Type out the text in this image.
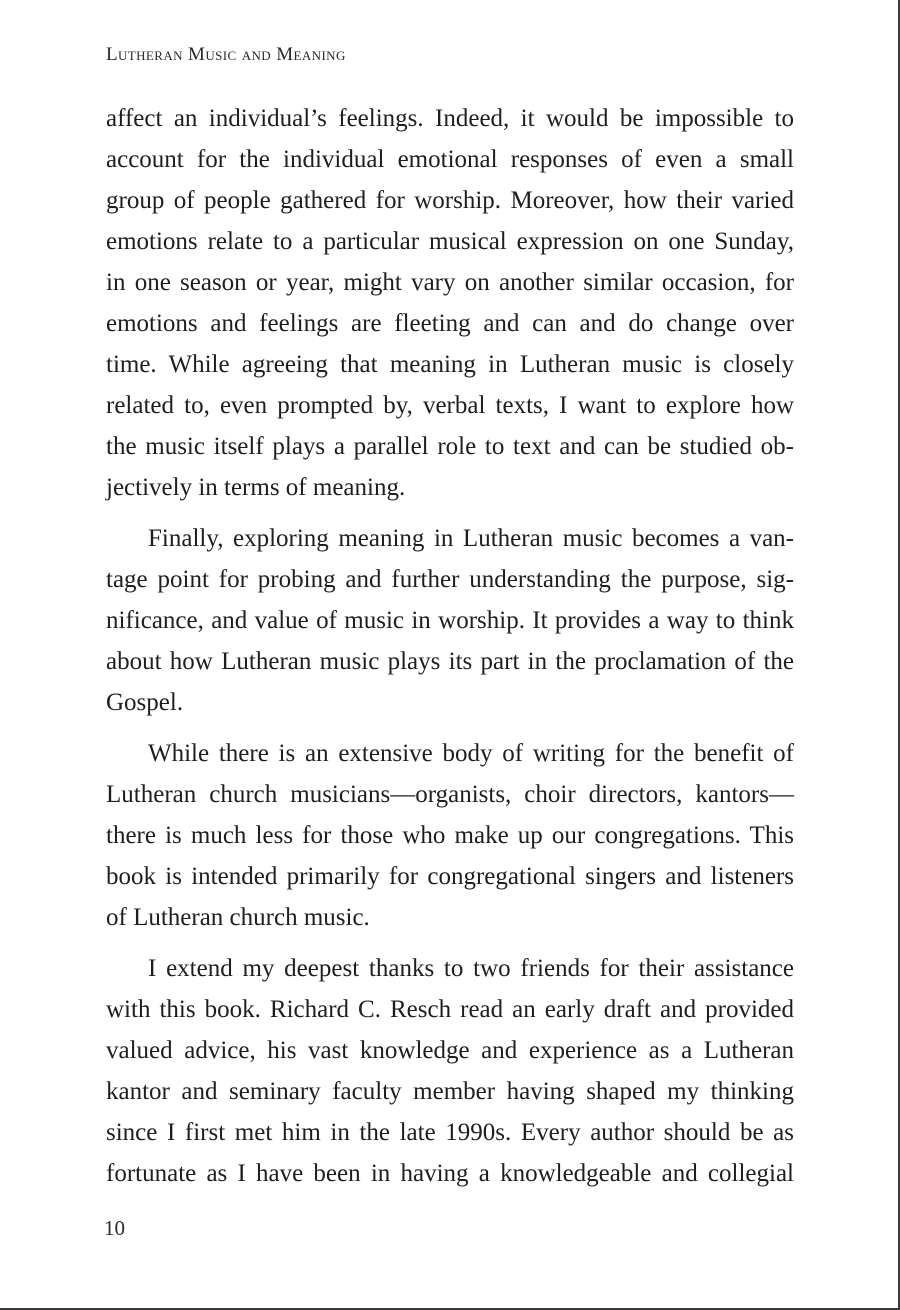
Lutheran Music and Meaning

affect an individual’s feelings. Indeed, it would be impossible to
account for the individual emotional responses of even a small
group of people gathered for worship. Moreover, how their varied
emotions relate to a particular musical expression on one Sunday,
in one season or year, might vary on another similar occasion, for
emotions and feelings are fleeting and can and do change over
time. While agreeing that meaning in Lutheran music is closely
related to, even prompted by, verbal texts, I want to explore how
the music itself plays a parallel role to text and can be studied ob-
jectively in terms of meaning.

Finally, exploring meaning in Lutheran music becomes a van-
tage point for probing and further understanding the purpose, sig-
nificance, and value of music in worship. It provides a way to think
about how Lutheran music plays its part in the proclamation of the
Gospel.

While there is an extensive body of writing for the benefit of
Lutheran church musicians—organists, choir directors, kantors—
there is much less for those who make up our congregations. This
book is intended primarily for congregational singers and listeners
of Lutheran church music.

I extend my deepest thanks to two friends for their assistance
with this book. Richard C. Resch read an early draft and provided
valued advice, his vast knowledge and experience as a Lutheran
kantor and seminary faculty member having shaped my thinking
since I first met him in the late 1990s. Every author should be as
fortunate as I have been in having a knowledgeable and collegial

10
